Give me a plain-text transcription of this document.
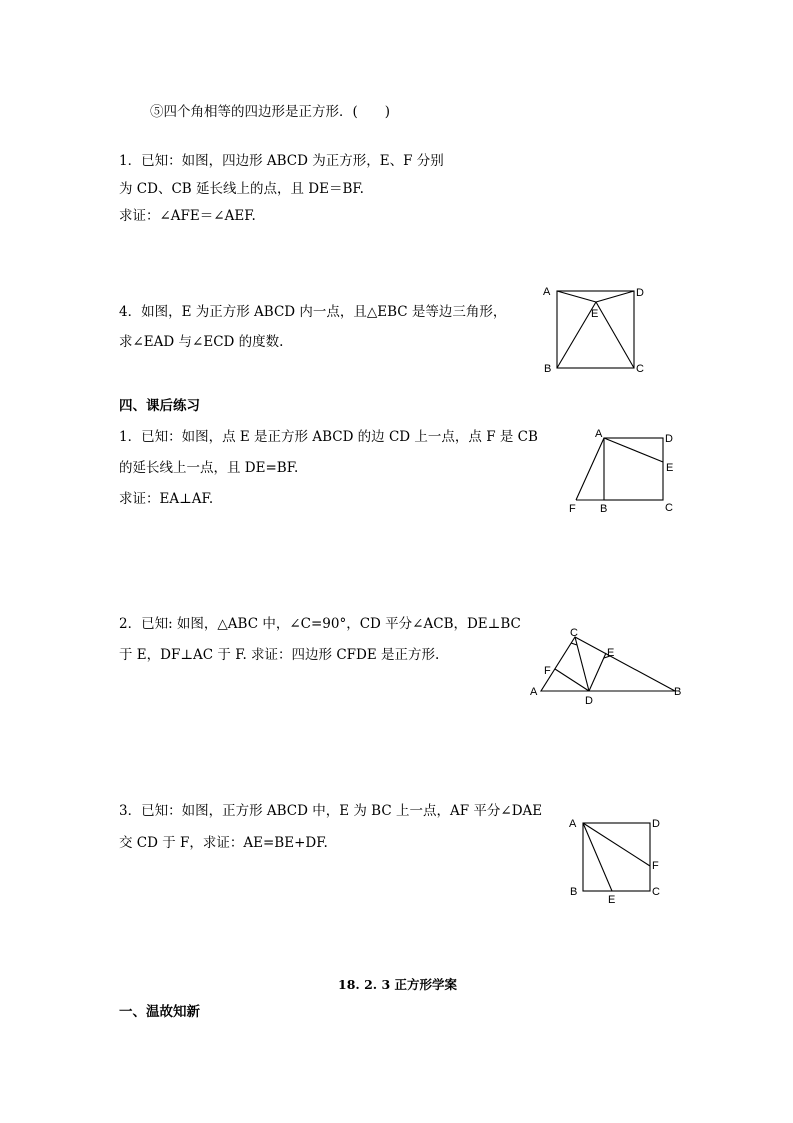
⑤四个角相等的四边形是正方形．(　　)
1．已知：如图，四边形 ABCD 为正方形，E、F 分别
为 CD、CB 延长线上的点，且 DE＝BF.
求证：∠AFE＝∠AEF.
4．如图，E 为正方形 ABCD 内一点，且△EBC 是等边三角形，
求∠EAD 与∠ECD 的度数.
四、课后练习
1．已知：如图，点 E 是正方形 ABCD 的边 CD 上一点，点 F 是 CB
的延长线上一点，且 DE=BF.
求证：EA⊥AF.
2．已知: 如图，△ABC 中，∠C=90°，CD 平分∠ACB，DE⊥BC
于 E，DF⊥AC 于 F. 求证：四边形 CFDE 是正方形.
3．已知：如图，正方形 ABCD 中，E 为 BC 上一点，AF 平分∠DAE
交 CD 于 F，求证：AE=BE+DF.
18. 2. 3 正方形学案
一、温故知新
A	D
E
B	C
A	D
E
F B	C
C
E
F
A
D
B
A	D
F
B
E
C
